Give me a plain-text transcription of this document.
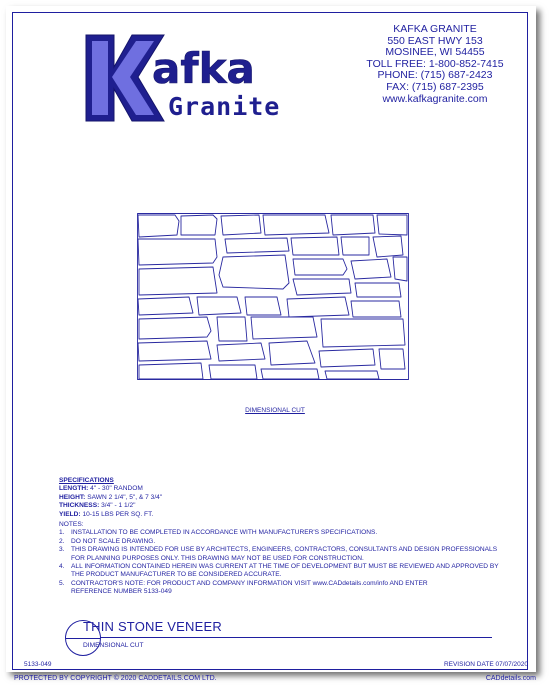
afka
Granite
KAFKA GRANITE
550 EAST HWY 153
MOSINEE, WI 54455
TOLL FREE: 1-800-852-7415
PHONE: (715) 687-2423
FAX: (715) 687-2395
www.kafkagranite.com
DIMENSIONAL CUT
SPECIFICATIONS
LENGTH: 4" - 30" RANDOM
HEIGHT: SAWN 2 1/4", 5", & 7 3/4"
THICKNESS: 3/4" - 1 1/2"
YIELD: 10-15 LBS PER SQ. FT.
NOTES:
1. INSTALLATION TO BE COMPLETED IN ACCORDANCE WITH MANUFACTURER'S SPECIFICATIONS.
2. DO NOT SCALE DRAWING.
3. THIS DRAWING IS INTENDED FOR USE BY ARCHITECTS, ENGINEERS, CONTRACTORS, CONSULTANTS AND DESIGN PROFESSIONALS
FOR PLANNING PURPOSES ONLY. THIS DRAWING MAY NOT BE USED FOR CONSTRUCTION.
4. ALL INFORMATION CONTAINED HEREIN WAS CURRENT AT THE TIME OF DEVELOPMENT BUT MUST BE REVIEWED AND APPROVED BY
THE PRODUCT MANUFACTURER TO BE CONSIDERED ACCURATE.
5. CONTRACTOR'S NOTE: FOR PRODUCT AND COMPANY INFORMATION VISIT www.CADdetails.com/info AND ENTER
REFERENCE NUMBER 5133-049
THIN STONE VENEER
DIMENSIONAL CUT
5133-049	REVISION DATE 07/07/2020
PROTECTED BY COPYRIGHT © 2020 CADDETAILS.COM LTD.	CADdetails.com
